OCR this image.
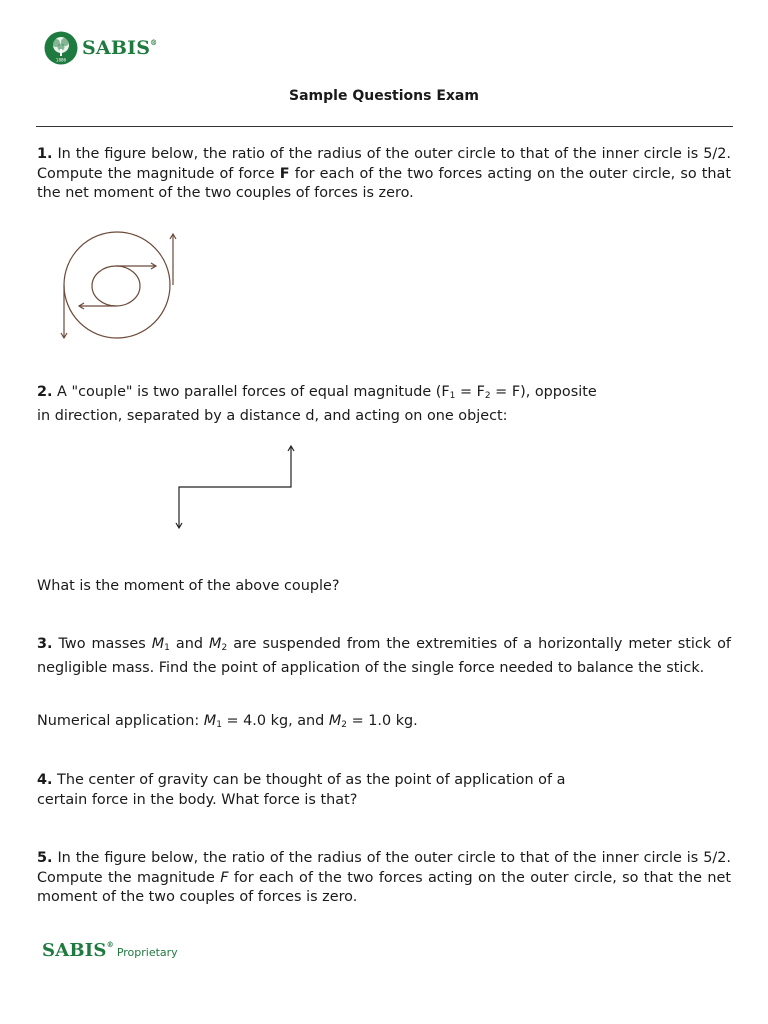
1886
SABIS®
Sample Questions Exam

1. In the figure below, the ratio of the radius of the outer circle to that of the inner circle is 5/2. Compute the magnitude of force F for each of the two forces acting on the outer circle, so that the net moment of the two couples of forces is zero.

2. A "couple" is two parallel forces of equal magnitude $(F_1 = F_2 = F)$, opposite
in direction, separated by a distance d, and acting on one object:

What is the moment of the above couple?

3. Two masses $M_1$ and $M_2$ are suspended from the extremities of a horizontally meter stick of negligible mass. Find the point of application of the single force needed to balance the stick.

Numerical application: $M_1 = 4.0$ kg, and $M_2 = 1.0$ kg.

4. The center of gravity can be thought of as the point of application of a
certain force in the body. What force is that?

5. In the figure below, the ratio of the radius of the outer circle to that of the inner circle is 5/2. Compute the magnitude F for each of the two forces acting on the outer circle, so that the net moment of the two couples of forces is zero.

SABIS®
Proprietary
